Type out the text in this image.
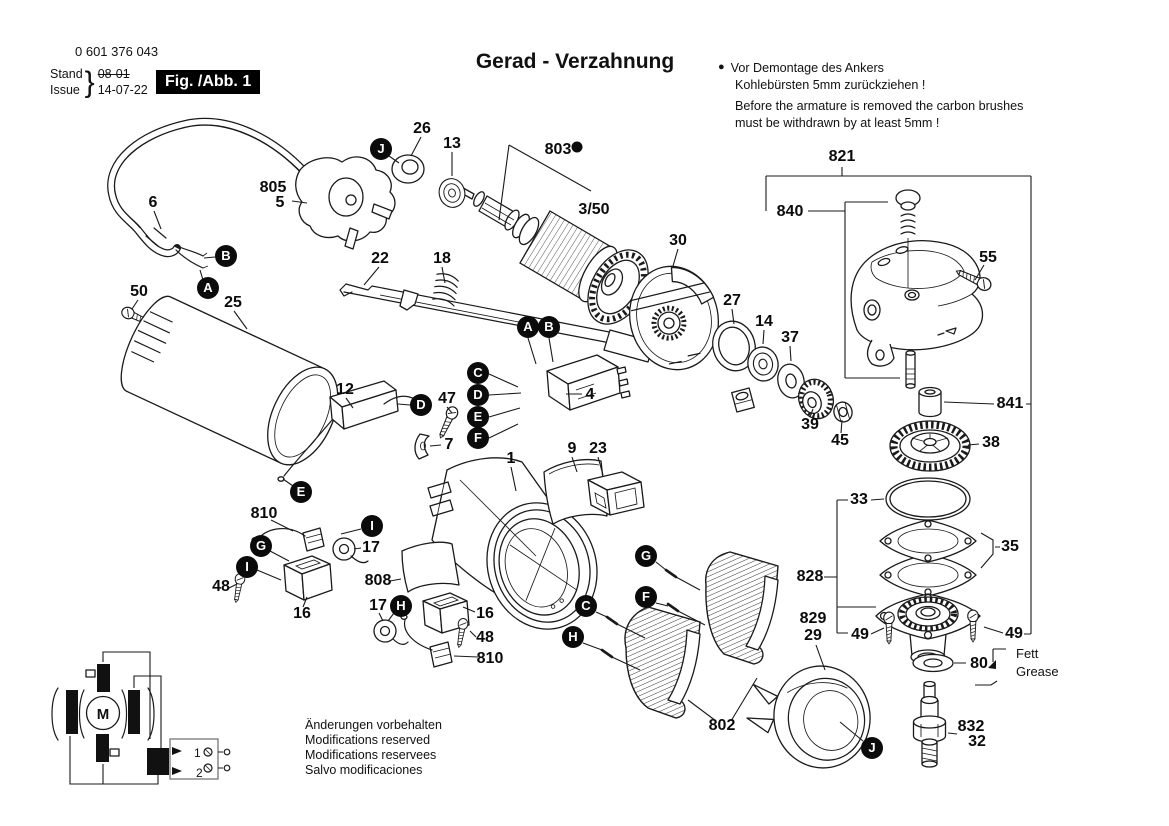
0 601 376 043
Stand
Issue } 08-01
14-07-22	Fig. /Abb. 1
Gerad - Verzahnung	● Vor Demontage des Ankers
Kohlebürsten 5mm zurückziehen !
Before the armature is removed the carbon brushes
must be withdrawn by at least 5mm !
Änderungen vorbehalten
Modifications reserved
Modifications reservees
Salvo modificaciones
Fett
Grease
M
1
2
26
13	803
3/50
805
5
6
50
25
22	18
12
47
7
4
1
9 23
810
17
48
16
808
17	16
48
810
30
27
14
37
39
45
821
840
55
841
38
33
35
828
49	49
80
829
29
832
32
802
J
B
A
A B
C
D
E
F
D
E
G
I
I
H
G
F
C
H
J
